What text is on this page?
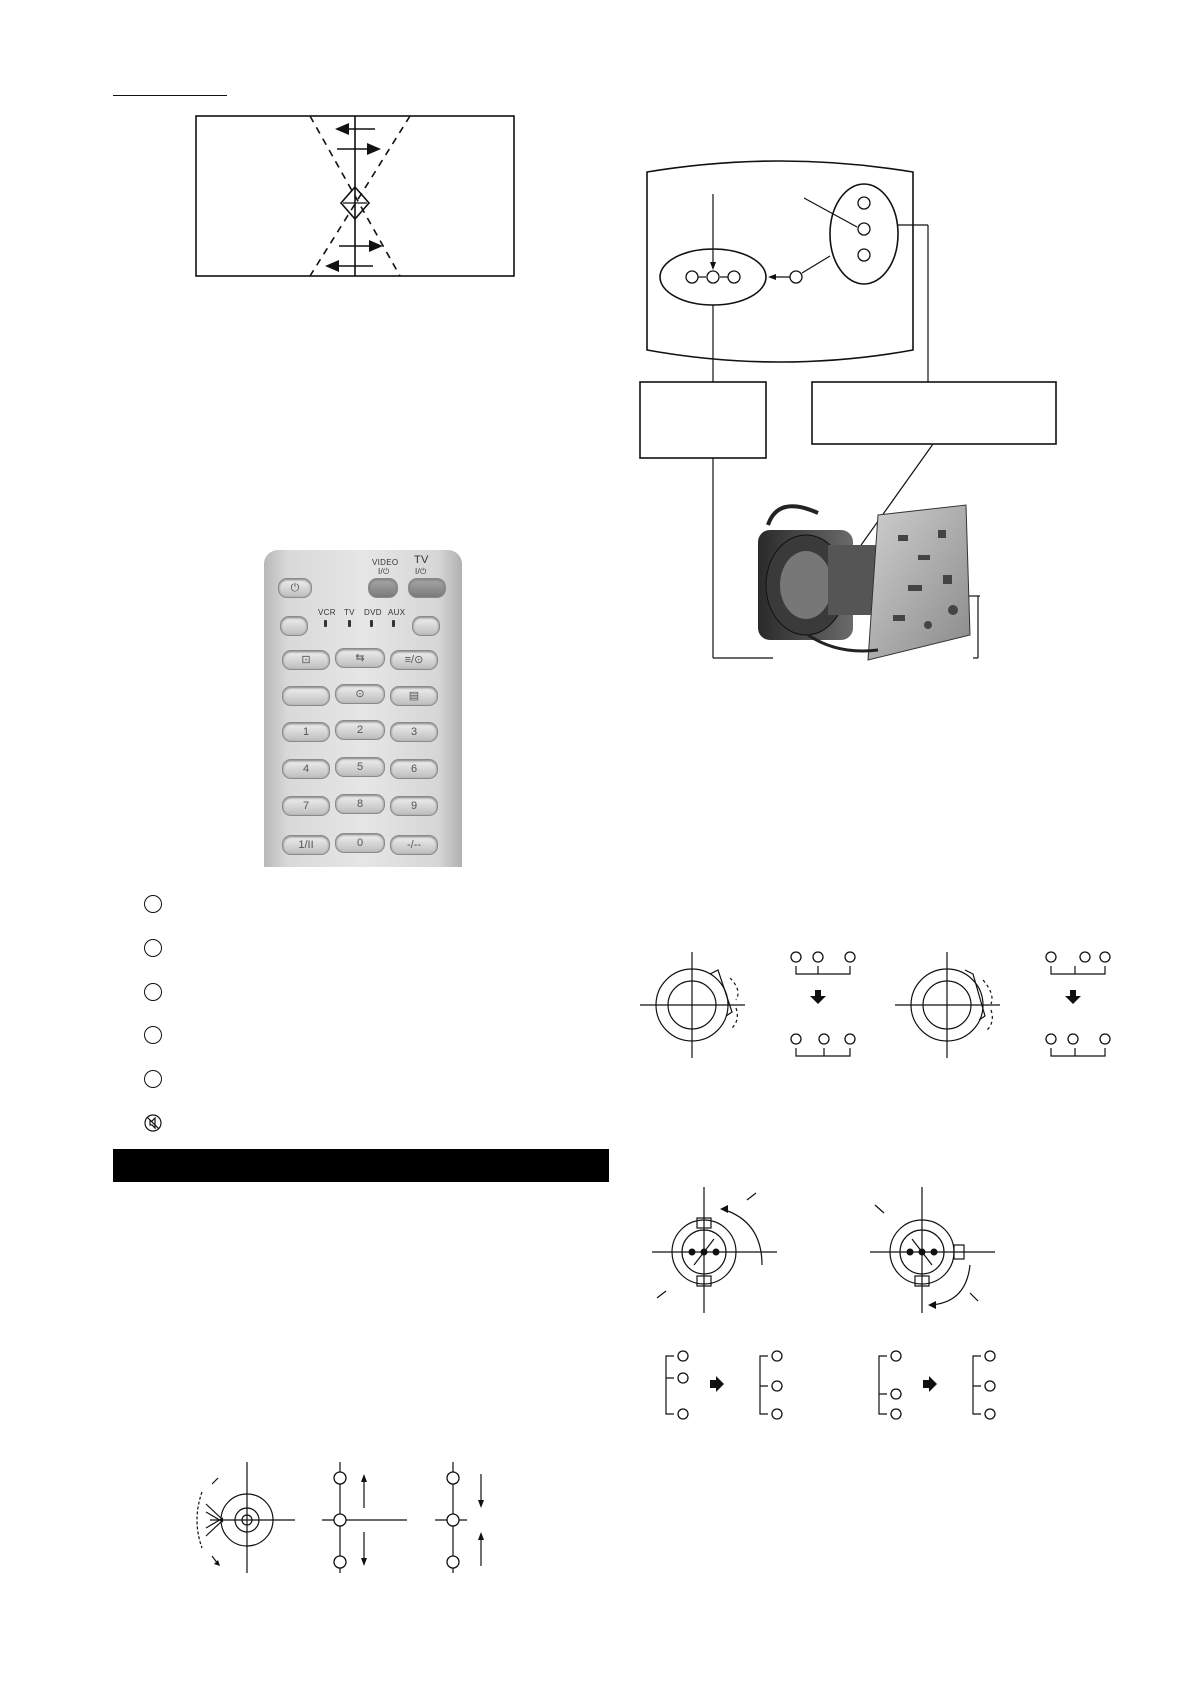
⏻
VIDEO
I/⏻
TV
I/⏻
VCR TV DVD AUX
⊡	⇆	≡/⊙
⊙	▤
1	2	3
4	5	6
7	8	9
1/II	0	-/--
